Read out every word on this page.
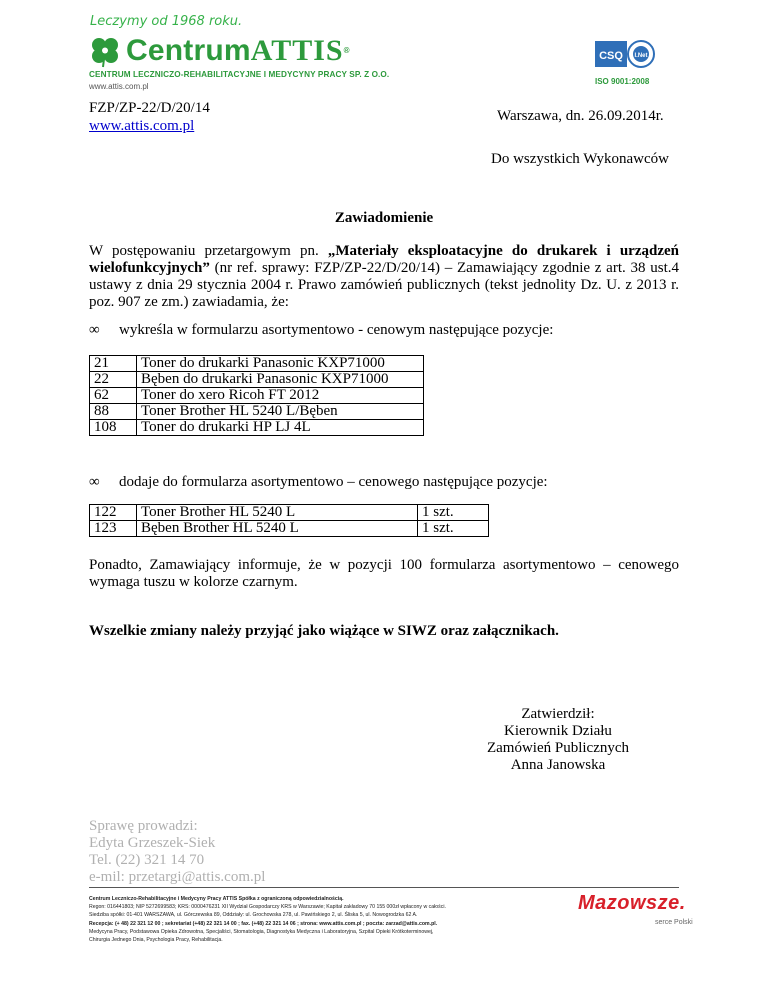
Leczymy od 1968 roku.
CentrumATTIS®
CENTRUM LECZNICZO-REHABILITACYJNE I MEDYCYNY PRACY SP. Z O.O.
www.attis.com.pl
CSQ I.Net
ISO 9001:2008
FZP/ZP-22/D/20/14
www.attis.com.pl
Warszawa, dn. 26.09.2014r.
Do wszystkich Wykonawców
Zawiadomienie
W postępowaniu przetargowym pn. „Materiały eksploatacyjne do drukarek i urządzeń wielofunkcyjnych” (nr ref. sprawy: FZP/ZP-22/D/20/14) – Zamawiający zgodnie z art. 38 ust.4 ustawy z dnia 29 stycznia 2004 r. Prawo zamówień publicznych (tekst jednolity Dz. U. z 2013 r. poz. 907 ze zm.) zawiadamia, że:
∞ wykreśla w formularzu asortymentowo - cenowym następujące pozycje:
21	Toner do drukarki Panasonic KXP71000
22	Bęben do drukarki Panasonic KXP71000
62	Toner do xero Ricoh FT 2012
88	Toner Brother HL 5240 L/Bęben
108	Toner do drukarki HP LJ 4L
∞ dodaje do formularza asortymentowo – cenowego następujące pozycje:
122	Toner Brother HL 5240 L	1 szt.
123	Bęben Brother HL 5240 L	1 szt.
Ponadto, Zamawiający informuje, że w pozycji 100 formularza asortymentowo – cenowego wymaga tuszu w kolorze czarnym.
Wszelkie zmiany należy przyjąć jako wiążące w SIWZ oraz załącznikach.
Zatwierdził:
Kierownik Działu
Zamówień Publicznych
Anna Janowska
Sprawę prowadzi:
Edyta Grzeszek-Siek
Tel. (22) 321 14 70
e-mil: przetargi@attis.com.pl
Centrum Leczniczo-Rehabilitacyjne i Medycyny Pracy ATTIS Spółka z ograniczoną odpowiedzialnością.
Regon: 016441803; NIP 5272699583; KRS: 0000476231 XII Wydział Gospodarczy KRS w Warszawie; Kapitał zakładowy 70 155 000zł wpłacony w całości.
Siedziba spółki: 01-401 WARSZAWA, ul. Górczewska 89, Oddziały: ul. Grochowska 278, ul. Pawińskiego 2, ul. Śliska 5, ul. Nowogrodzka 62 A.
Recepcja: (+ 48) 22 321 12 00 ; sekretariat (+48) 22 321 14 00 ; fax. (+48) 22 321 14 06 ; strona: www.attis.com.pl ; poczta: zarzad@attis.com.pl.
Medycyna Pracy, Podstawowa Opieka Zdrowotna, Specjaliści, Stomatologia, Diagnostyka Medyczna i Laboratoryjna, Szpital Opieki Krótkoterminowej,
Chirurgia Jednego Dnia, Psychologia Pracy, Rehabilitacja.
Mazowsze.
serce Polski
